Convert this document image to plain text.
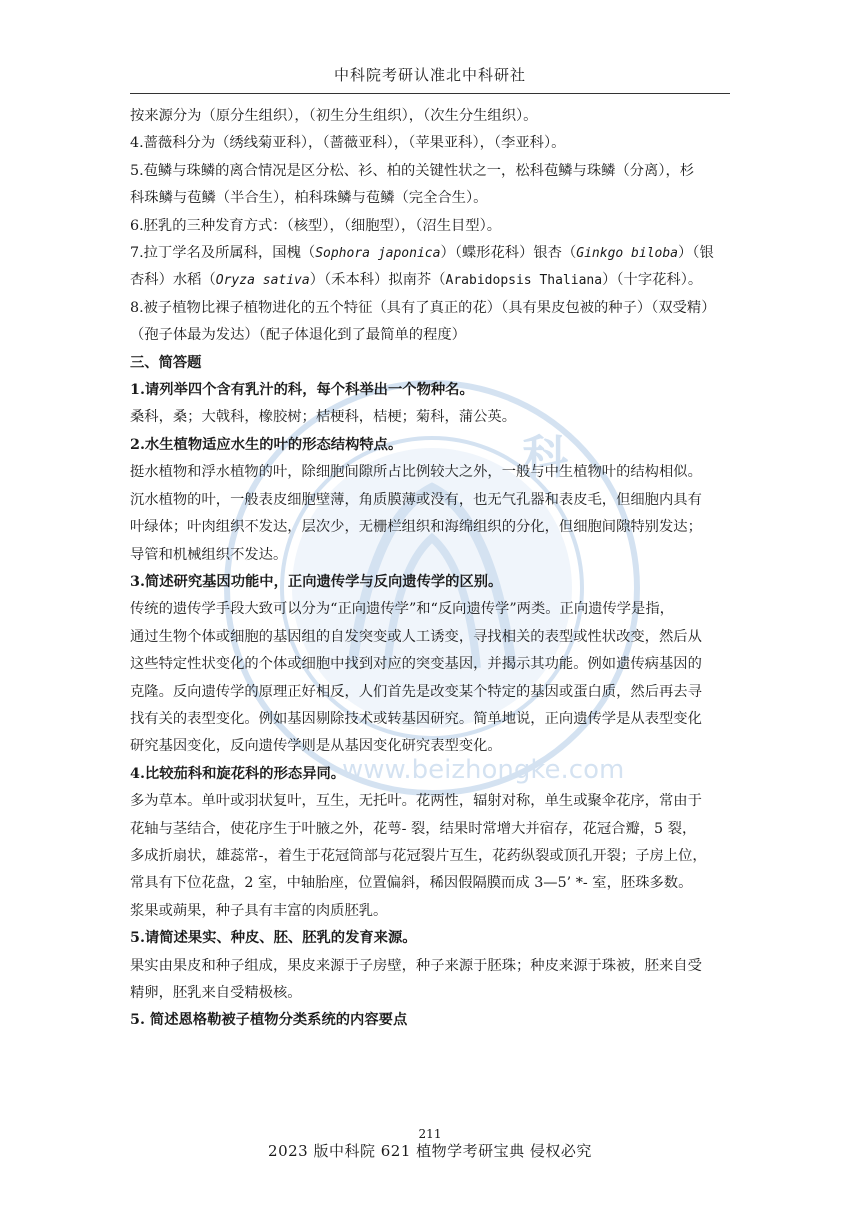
科
www.beizhongke.com
中科院考研认准北中科研社

按来源分为（原分生组织），（初生分生组织），（次生分生组织）。

4.蔷薇科分为（绣线菊亚科），（蔷薇亚科），（苹果亚科），（李亚科）。

5.苞鳞与珠鳞的离合情况是区分松、衫、柏的关键性状之一，松科苞鳞与珠鳞（分离），杉

科珠鳞与苞鳞（半合生），柏科珠鳞与苞鳞（完全合生）。

6.胚乳的三种发育方式：（核型），（细胞型），（沼生目型）。

7.拉丁学名及所属科，国槐（Sophora japonica）（蝶形花科）银杏（Ginkgo biloba）（银

杏科）水稻（Oryza sativa）（禾本科）拟南芥（Arabidopsis Thaliana）（十字花科）。

8.被子植物比裸子植物进化的五个特征（具有了真正的花）（具有果皮包被的种子）（双受精）

（孢子体最为发达）（配子体退化到了最简单的程度）

三、简答题

1.请列举四个含有乳汁的科，每个科举出一个物种名。

桑科，桑；大戟科，橡胶树；桔梗科，桔梗；菊科，蒲公英。

2.水生植物适应水生的叶的形态结构特点。

挺水植物和浮水植物的叶，除细胞间隙所占比例较大之外，一般与中生植物叶的结构相似。

沉水植物的叶，一般表皮细胞壁薄，角质膜薄或没有，也无气孔器和表皮毛，但细胞内具有

叶绿体；叶肉组织不发达，层次少，无栅栏组织和海绵组织的分化，但细胞间隙特别发达；

导管和机械组织不发达。

3.简述研究基因功能中，正向遗传学与反向遗传学的区别。

传统的遗传学手段大致可以分为“正向遗传学”和“反向遗传学”两类。正向遗传学是指，

通过生物个体或细胞的基因组的自发突变或人工诱变，寻找相关的表型或性状改变，然后从

这些特定性状变化的个体或细胞中找到对应的突变基因，并揭示其功能。例如遗传病基因的

克隆。反向遗传学的原理正好相反，人们首先是改变某个特定的基因或蛋白质，然后再去寻

找有关的表型变化。例如基因剔除技术或转基因研究。简单地说，正向遗传学是从表型变化

研究基因变化，反向遗传学则是从基因变化研究表型变化。

4.比较茄科和旋花科的形态异同。

多为草本。单叶或羽状复叶，互生，无托叶。花两性，辐射对称，单生或聚伞花序，常由于

花轴与茎结合，使花序生于叶腋之外，花萼- 裂，结果时常增大并宿存，花冠合瓣，5 裂，

多成折扇状，雄蕊常-，着生于花冠筒部与花冠裂片互生，花药纵裂或顶孔开裂；子房上位，

常具有下位花盘，2 室，中轴胎座，位置偏斜，稀因假隔膜而成 3—5’ *- 室，胚珠多数。

浆果或蒴果，种子具有丰富的肉质胚乳。

5.请简述果实、种皮、胚、胚乳的发育来源。

果实由果皮和种子组成，果皮来源于子房壁，种子来源于胚珠；种皮来源于珠被，胚来自受

精卵，胚乳来自受精极核。

5. 简述恩格勒被子植物分类系统的内容要点

211
2023 版中科院 621 植物学考研宝典 侵权必究
